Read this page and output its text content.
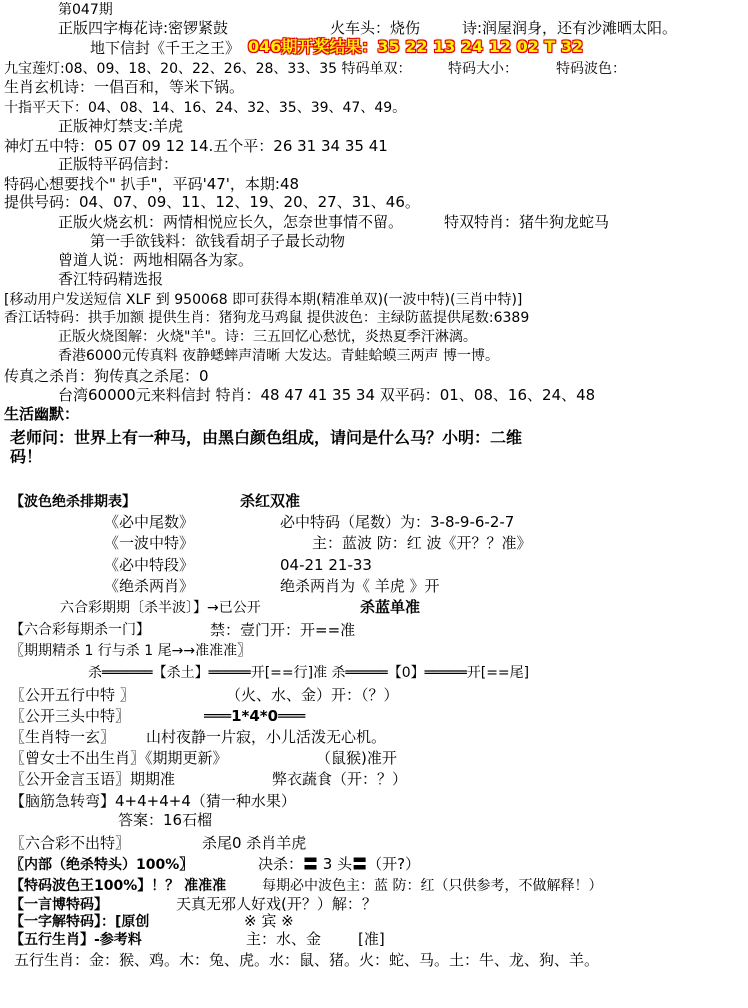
第047期
正版四字梅花诗:密锣紧鼓	火车头：烧伤	诗:润屋润身，还有沙滩晒太阳。
地下信封《千王之王》 046期开奖结果：35 22 13 24 12 02 T 32
九宝莲灯:08、09、18、20、22、26、28、33、35 特码单双：	特码大小：	特码波色：
生肖玄机诗：一倡百和，等米下锅。
十指平天下：04、08、14、16、24、32、35、39、47、49。
正版神灯禁支:羊虎
神灯五中特：05 07 09 12 14.五个平：26 31 34 35 41
正版特平码信封：
特码心想要找个" 扒手"，平码'47'，本期:48
提供号码：04、07、09、11、12、19、20、27、31、46。
正版火烧玄机：两情相悦应长久，怎奈世事情不留。	特双特肖：猪牛狗龙蛇马
第一手欲钱料：欲钱看胡子子最长动物
曾道人说：两地相隔各为家。
香江特码精选报
[移动用户发送短信 XLF 到 950068 即可获得本期(精准单双)(一波中特)(三肖中特)]
香江话特码：拱手加额 提供生肖：猪狗龙马鸡鼠 提供波色：主绿防蓝提供尾数:6389
正版火烧图解：火烧"羊"。诗：三五回忆心愁忧，炎热夏季汗淋漓。
香港6000元传真料 夜静蟋蟀声清晰 大发达。青蛙蛤蟆三两声 博一博。
传真之杀肖：狗传真之杀尾：0
台湾60000元来料信封 特肖：48 47 41 35 34 双平码：01、08、16、24、48
生活幽默：
老师问：世界上有一种马，由黑白颜色组成，请问是什么马？小明：二维
码！
【波色绝杀排期表】	杀红双准
《必中尾数》	必中特码（尾数）为：3-8-9-6-2-7
《一波中特》	主：蓝波 防：红 波《开？？准》
《必中特段》	04-21 21-33
《绝杀两肖》	绝杀两肖为《 羊虎 》开
六合彩期期〔杀半波〕】→已公开	杀蓝单准
【六合彩每期杀一门】	禁：壹门开：开==准
〖期期精杀 1 行与杀 1 尾→→准准准〗
杀══════【杀土】═════开[==行]准 杀═════【0】═════开[==尾]
〖公开五行中特 〗	（火、水、金）开：（？）
〖公开三头中特〗	═══1*4*0═══
〖生肖特一玄〗 山村夜静一片寂，小儿活泼无心机。
〖曾女士不出生肖〗《期期更新》	（鼠猴)准开
〖公开金言玉语〗期期准	弊衣蔬食（开：？）
【脑筋急转弯】4+4+4+4（猜一种水果）
答案：16石榴
〖六合彩不出特〗	杀尾0 杀肖羊虎
〖内部（绝杀特头）100%〗	决杀：〓 3 头〓（开?）
【特码波色王100%】！？ 准准准	每期必中波色主：蓝 防：红（只供参考，不做解释！）
【一言博特码】	天真无邪人好戏(开？）解：？
【一字解特码】：[原创	※ 宾 ※
【五行生肖】-参考料	主：水、金 [准]
五行生肖：金：猴、鸡。木：兔、虎。水：鼠、猪。火：蛇、马。土：牛、龙、狗、羊。
